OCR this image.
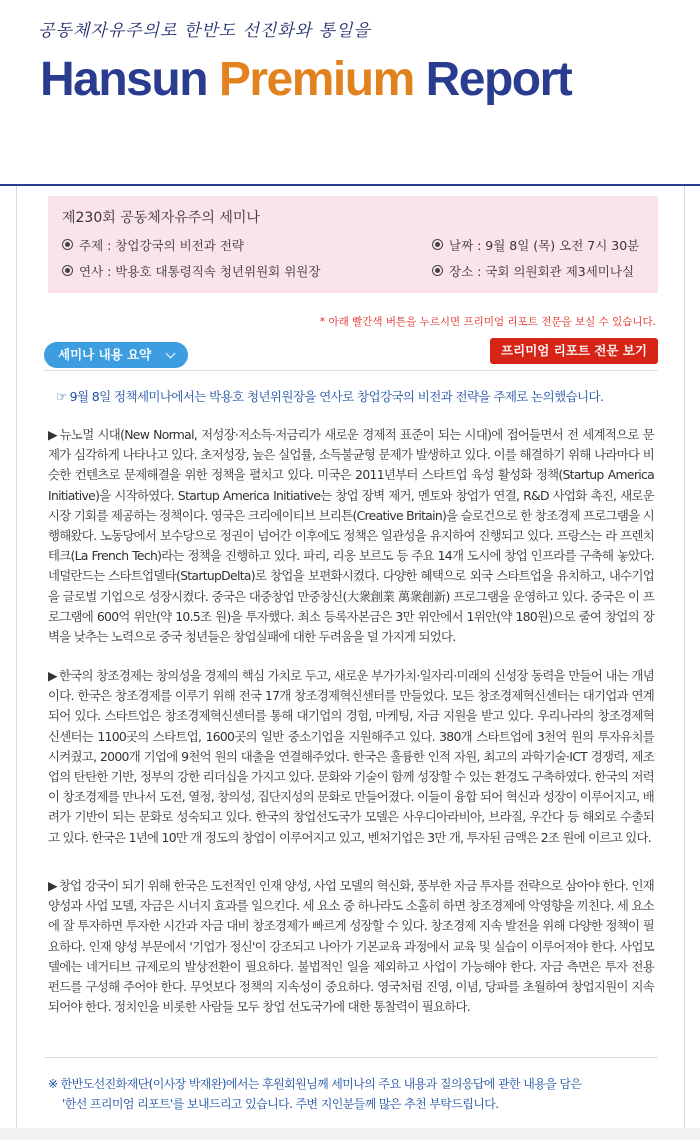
공동체자유주의로 한반도 선진화와 통일을
Hansun Premium Report
제230회 공동체자유주의 세미나
주제 : 창업강국의 비전과 전략
연사 : 박용호 대통령직속 청년위원회 위원장
날짜 : 9월 8일 (목) 오전 7시 30분
장소 : 국회 의원회관 제3세미나실
* 아래 빨간색 버튼을 누르시면 프리미엄 리포트 전문을 보실 수 있습니다.
세미나 내용 요약	프리미엄 리포트 전문 보기
☞ 9월 8일 정책세미나에서는 박용호 청년위원장을 연사로 창업강국의 비전과 전략을 주제로 논의했습니다.

▶ 뉴노멀 시대(New Normal, 저성장·저소득·저금리가 새로운 경제적 표준이 되는 시대)에 접어들면서 전 세계적으로 문제가 심각하게 나타나고 있다. 초저성장, 높은 실업률, 소득불균형 문제가 발생하고 있다. 이를 해결하기 위해 나라마다 비슷한 컨텐츠로 문제해결을 위한 정책을 펼치고 있다. 미국은 2011년부터 스타트업 육성 활성화 정책(Startup America Initiative)을 시작하였다. Startup America Initiative는 창업 장벽 제거, 멘토와 창업가 연결, R&D 사업화 촉진, 새로운 시장 기회를 제공하는 정책이다. 영국은 크리에이티브 브리튼(Creative Britain)을 슬로건으로 한 창조경제 프로그램을 시행해왔다. 노동당에서 보수당으로 정권이 넘어간 이후에도 정책은 일관성을 유지하여 진행되고 있다. 프랑스는 라 프렌치 테크(La French Tech)라는 정책을 진행하고 있다. 파리, 리옹 보르도 등 주요 14개 도시에 창업 인프라를 구축해 놓았다. 네덜란드는 스타트업델타(StartupDelta)로 창업을 보편화시켰다. 다양한 혜택으로 외국 스타트업을 유치하고, 내수기업을 글로벌 기업으로 성장시켰다. 중국은 대중창업 만중창신(大衆創業 萬衆創新) 프로그램을 운영하고 있다. 중국은 이 프로그램에 600억 위안(약 10.5조 원)을 투자했다. 최소 등록자본금은 3만 위안에서 1위안(약 180원)으로 줄여 창업의 장벽을 낮추는 노력으로 중국 청년들은 창업실패에 대한 두려움을 덜 가지게 되었다.

▶ 한국의 창조경제는 창의성을 경제의 핵심 가치로 두고, 새로운 부가가치·일자리·미래의 신성장 동력을 만들어 내는 개념이다. 한국은 창조경제를 이루기 위해 전국 17개 창조경제혁신센터를 만들었다. 모든 창조경제혁신센터는 대기업과 연계되어 있다. 스타트업은 창조경제혁신센터를 통해 대기업의 경험, 마케팅, 자금 지원을 받고 있다. 우리나라의 창조경제혁신센터는 1100곳의 스타트업, 1600곳의 일반 중소기업을 지원해주고 있다. 380개 스타트업에 3천억 원의 투자유치를 시켜줬고, 2000개 기업에 9천억 원의 대출을 연결해주었다. 한국은 훌륭한 인적 자원, 최고의 과학기술·ICT 경쟁력, 제조업의 탄탄한 기반, 정부의 강한 리더십을 가지고 있다. 문화와 기술이 함께 성장할 수 있는 환경도 구축하였다. 한국의 저력이 창조경제를 만나서 도전, 열정, 창의성, 집단지성의 문화로 만들어졌다. 이들이 융합 되어 혁신과 성장이 이루어지고, 배려가 기반이 되는 문화로 성숙되고 있다. 한국의 창업선도국가 모델은 사우디아라비아, 브라질, 우간다 등 해외로 수출되고 있다. 한국은 1년에 10만 개 정도의 창업이 이루어지고 있고, 벤처기업은 3만 개, 투자된 금액은 2조 원에 이르고 있다.

▶ 창업 강국이 되기 위해 한국은 도전적인 인재 양성, 사업 모델의 혁신화, 풍부한 자금 투자를 전략으로 삼아야 한다. 인재 양성과 사업 모델, 자금은 시너지 효과를 일으킨다. 세 요소 중 하나라도 소홀히 하면 창조경제에 악영향을 끼친다. 세 요소에 잘 투자하면 투자한 시간과 자금 대비 창조경제가 빠르게 성장할 수 있다. 창조경제 지속 발전을 위해 다양한 정책이 필요하다. 인재 양성 부문에서 '기업가 정신'이 강조되고 나아가 기본교육 과정에서 교육 및 실습이 이루어져야 한다. 사업모델에는 네거티브 규제로의 발상전환이 필요하다. 불법적인 일을 제외하고 사업이 가능해야 한다. 자금 측면은 투자 전용 펀드를 구성해 주어야 한다. 무엇보다 정책의 지속성이 중요하다. 영국처럼 진영, 이념, 당파를 초월하여 창업지원이 지속되어야 한다. 정치인을 비롯한 사람들 모두 창업 선도국가에 대한 통찰력이 필요하다.

※ 한반도선진화재단(이사장 박재완)에서는 후원회원님께 세미나의 주요 내용과 질의응답에 관한 내용을 담은
'한선 프리미엄 리포트'를 보내드리고 있습니다. 주변 지인분들께 많은 추천 부탁드립니다.
